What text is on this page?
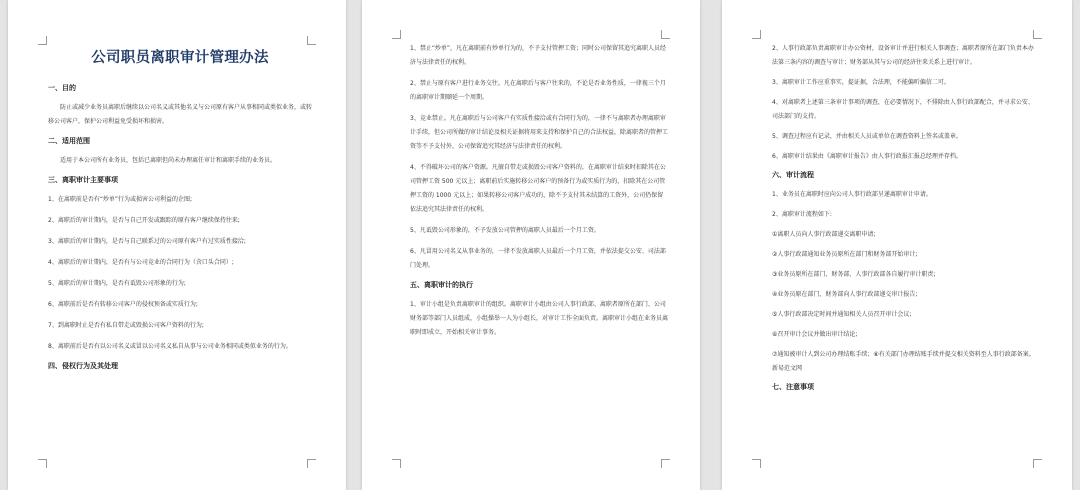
公司职员离职审计管理办法
一、目的
防止或减少业务员离职后继续以公司名义或其他名义与公司原有客户从事相同或类似业务，或转移公司客户，保护公司利益免受损坏和损害。
二、适用范围
适用于本公司所有业务员，包括已离职但尚未办理离任审计和离职手续的业务员。
三、离职审计主要事项
1、在离职前是否有“炒单”行为或损害公司利益的企图;
2、离职后的审计期内，是否与自己开发或跟踪的原有客户继续保持往来;
3、离职后的审计期内，是否与自己联系过的公司原有客户有过实质性接洽;
4、离职后的审计期内，是否有与公司竞业的合同行为（含口头合同）;
5、离职后的审计期内，是否有诋毁公司形象的行为;
6、离职前后是否有转移公司客户的侵权预备或实质行为;
7、到离职时止是否有私自带走或毁损公司客户资料的行为;
8、离职前后是否有以公司名义或冒以公司名义私自从事与公司业务相同或类似业务的行为。
四、侵权行为及其处理
1、禁止“炒单”，凡在离职前有炒单行为的，不予支付管押工资；同时公司保留其追究离职人员经济与法律责任的权利。
2、禁止与原有客户进行业务交往。凡在离职后与客户往来的，不论是否业务性质，一律视三个月的离职审计期顺延一个周期。
3、竞业禁止。凡在离职后与公司客户有实质性接洽或有合同行为的，一律不与离职者办理离职审计手续，但公司所做的审计结论及相关证据将用来支持和保护自己的合法权益，除离职者的管押工资等不予支付外，公司保留追究其经济与法律责任的权利。
4、不得破坏公司的客户资源。凡擅自带走或损毁公司客户资料的，在离职审计结束时扣除其在公司管押工资 500 元以上；离职前后实施转移公司客户的预备行为或实质行为的，扣除其在公司管押工资的 1000 元以上；如果转移公司客户成功的，除不予支付其未结算的工资外，公司仍保留依法追究其法律责任的权利。
5、凡诋毁公司形象的，不予发放公司管押的离职人员最后一个月工资。
6、凡冒用公司名义从事业务的，一律不发放离职人员最后一个月工资，并依法提交公安、司法部门处理。
五、离职审计的执行
1、审计小组是负责离职审计的组织。离职审计小组由公司人事行政部、离职者原所在部门、公司财务部等部门人员组成，小组操举一人为小组长，对审计工作全面负责。离职审计小组在业务员离职时即成立，开始相关审计事务。
2、人事行政部负责离职审计办公资材，设备审计并进行相关人事调查；离职者原所在部门负责本办法第三条内容的调查与审计；财务部从其与公司的经济往来关系上进行审计。
3、离职审计工作应重事实，提证据，合法理，不能偏听偏信二可。
4、对离职者上述第三条审计事项的调查，在必要情况下，不排除由人事行政部配合，并寻求公安、司法部门的支持。
5、调查过程应有记录，并由相关人员或单位在调查资料上签名或盖章。
6、离职审计结果由《离职审计报告》由人事行政报汇报总经理并存档。
六、审计流程
1、业务员在离职时应向公司人事行政部呈递离职审计申请。
2、离职审计流程如下:
①离职人员向人事行政部递交离职申请;
②人事行政部通知业务员原所在部门和财务部开始审计;
③业务员原所在部门、财务部、人事行政部各自履行审计职责;
④业务员原在部门、财务部向人事行政部递交审计报告;
⑤人事行政部决定时间并通知相关人员召开审计会议;
⑥召开审计会议并做出审计结论;
⑦通知被审计人到公司办理结账手续；⑧有关部门办理结账手续并提交相关资料至人事行政部备案。新易范文网
七、注意事项
